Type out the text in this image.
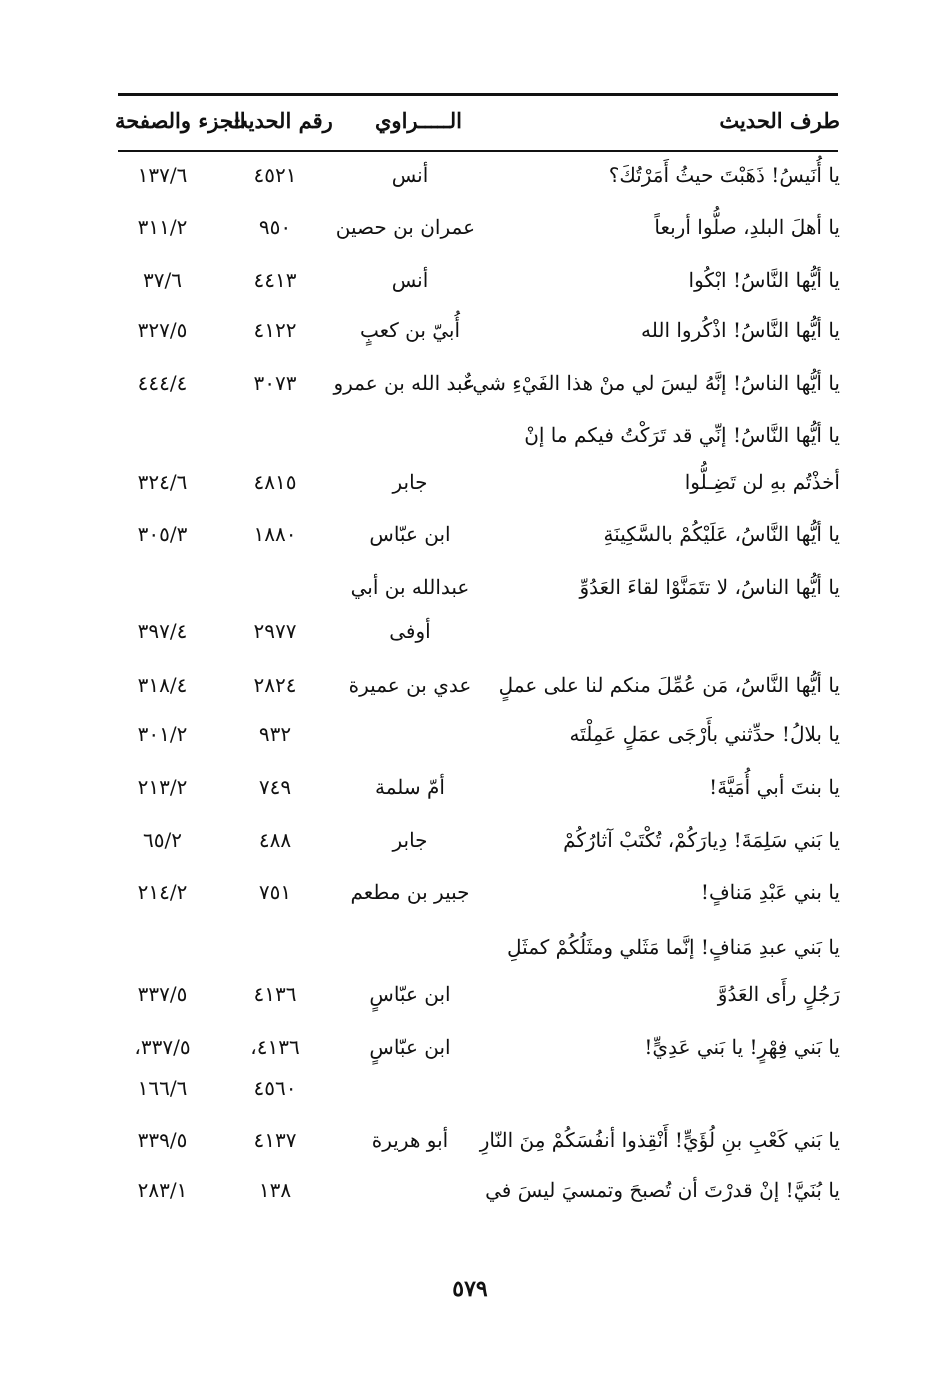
طرف الحديث
الـــــراوي
رقم الحديث
الجزء والصفحة
يا أُنَيسُ! ذَهَبْتَ حيثُ أَمَرْتُكَ؟
أنس
٤٥٢١
١٣٧/٦
يا أهلَ البلدِ، صلُّوا أربعاً
عمران بن حصين
٩٥٠
٣١١/٢
يا أيُّها النَّاسُ! ابْكُوا
أنس
٤٤١٣
٣٧/٦
يا أيُّها النَّاسُ! اذْكُروا الله
أُبيّ بن كعبٍ
٤١٢٢
٣٢٧/٥
يا أيُّها الناسُ! إنَّهُ ليسَ لي منْ هذا الفَيْءِ شيءٌ
عبد الله بن عمرو
٣٠٧٣
٤٤٤/٤
يا أيُّها النَّاسُ! إنِّي قد تَرَكْتُ فيكم ما إنْ
أخذْتُم بهِ لن تَضِـلُّوا
جابر
٤٨١٥
٣٢٤/٦
يا أيُّها النَّاسُ، عَلَيْكُمْ بالسَّكِينَةِ
ابن عبّاس
١٨٨٠
٣٠٥/٣
يا أيُّها الناسُ، لا تتَمَنَّوْا لقاءَ العَدُوِّ
عبدالله بن أبي
أوفى
٢٩٧٧
٣٩٧/٤
يا أيُّها النَّاسُ، مَن عُمِّلَ منكم لنا على عملٍ
عدي بن عميرة
٢٨٢٤
٣١٨/٤
يا بلالُ! حدِّثني بأَرْجَى عمَلٍ عَمِلْتَه
٩٣٢
٣٠١/٢
يا بنتَ أبي أُمَيَّةَ!
أمّ سلمة
٧٤٩
٢١٣/٢
يا بَني سَلِمَةَ! دِيارَكُمْ، تُكْتَبْ آثارُكُمْ
جابر
٤٨٨
٦٥/٢
يا بني عَبْدِ مَنافٍ!
جبير بن مطعم
٧٥١
٢١٤/٢
يا بَني عبدِ مَنافٍ! إنَّما مَثَلي ومثَلُكُمْ كمثَلِ
رَجُلٍ رأَى العَدُوَّ
ابن عبّاسٍ
٤١٣٦
٣٣٧/٥
يا بَني فِهْرٍ! يا بَني عَدِيٍّ!
ابن عبّاسٍ
٤١٣٦،
٣٣٧/٥،
٤٥٦٠
١٦٦/٦
يا بَني كَعْبِ بنِ لُؤَيٍّ! أَنْقِذوا أنفُسَكُمْ مِنَ النّارِ
أبو هريرة
٤١٣٧
٣٣٩/٥
يا بُنَيَّ! إنْ قدرْتَ أن تُصبحَ وتمسيَ ليسَ في
١٣٨
٢٨٣/١
٥٧٩
